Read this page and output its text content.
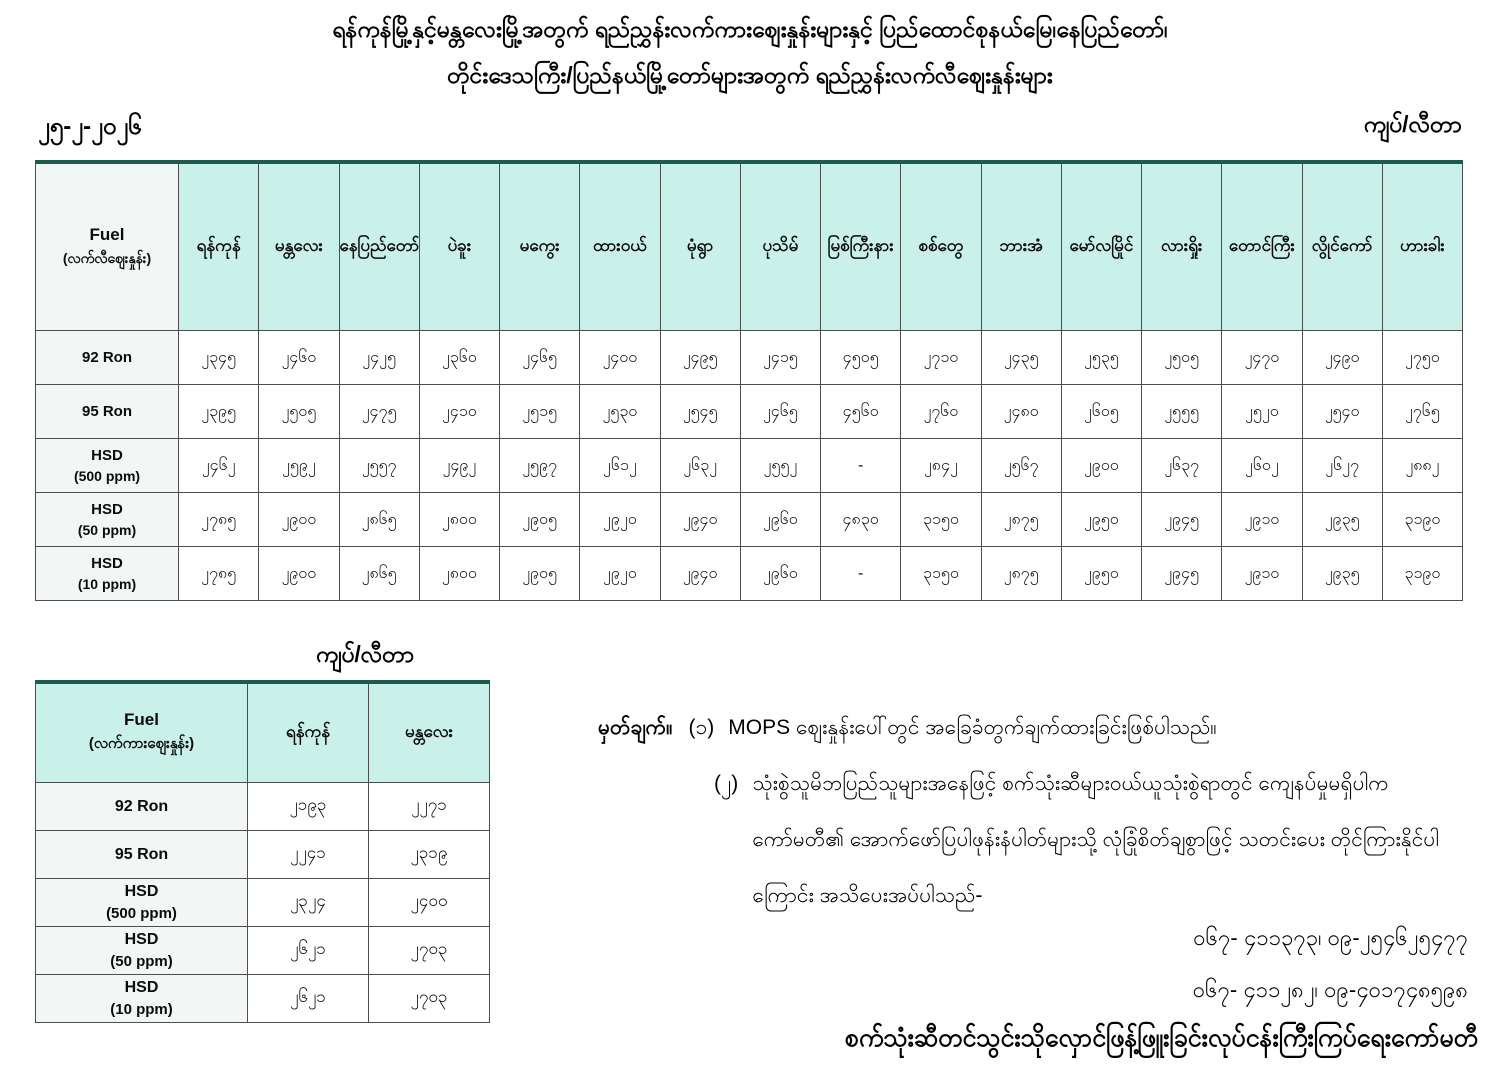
ရန်ကုန်မြို့နှင့်မန္တလေးမြို့အတွက် ရည်ညွှန်းလက်ကားဈေးနှုန်းများနှင့် ပြည်ထောင်စုနယ်မြေ၊နေပြည်တော်၊
တိုင်းဒေသကြီး/ပြည်နယ်မြို့တော်များအတွက် ရည်ညွှန်းလက်လီဈေးနှုန်းများ
၂၅-၂-၂၀၂၆	ကျပ်/လီတာ
Fuel
(လက်လီဈေးနှုန်း)	ရန်ကုန်	မန္တလေး	နေပြည်တော်	ပဲခူး	မကွေး	ထားဝယ်	မုံရွာ	ပုသိမ်	မြစ်ကြီးနား	စစ်တွေ	ဘားအံ	မော်လမြိုင်	လားရှိုး	တောင်ကြီး	လွိုင်ကော်	ဟားခါး
92 Ron	၂၃၄၅	၂၄၆၀	၂၄၂၅	၂၃၆၀	၂၄၆၅	၂၄၀၀	၂၄၉၅	၂၄၁၅	၄၅၀၅	၂၇၁၀	၂၄၃၅	၂၅၃၅	၂၅၀၅	၂၄၇၀	၂၄၉၀	၂၇၅၀
95 Ron	၂၃၉၅	၂၅၀၅	၂၄၇၅	၂၄၁၀	၂၅၁၅	၂၅၃၀	၂၅၄၅	၂၄၆၅	၄၅၆၀	၂၇၆၀	၂၄၈၀	၂၆၀၅	၂၅၅၅	၂၅၂၀	၂၅၄၀	၂၇၆၅
HSD
(500 ppm)	၂၄၆၂	၂၅၉၂	၂၅၅၇	၂၄၉၂	၂၅၉၇	၂၆၁၂	၂၆၃၂	၂၅၅၂	-	၂၈၄၂	၂၅၆၇	၂၉၀၀	၂၆၃၇	၂၆၀၂	၂၆၂၇	၂၈၈၂
HSD
(50 ppm)	၂၇၈၅	၂၉၀၀	၂၈၆၅	၂၈၀၀	၂၉၀၅	၂၉၂၀	၂၉၄၀	၂၉၆၀	၄၈၃၀	၃၁၅၀	၂၈၇၅	၂၉၅၀	၂၉၄၅	၂၉၁၀	၂၉၃၅	၃၁၉၀
HSD
(10 ppm)	၂၇၈၅	၂၉၀၀	၂၈၆၅	၂၈၀၀	၂၉၀၅	၂၉၂၀	၂၉၄၀	၂၉၆၀	-	၃၁၅၀	၂၈၇၅	၂၉၅၀	၂၉၄၅	၂၉၁၀	၂၉၃၅	၃၁၉၀
ကျပ်/လီတာ
Fuel
(လက်ကားဈေးနှုန်း)	ရန်ကုန်	မန္တလေး
92 Ron	၂၁၉၃	၂၂၇၁
95 Ron	၂၂၄၁	၂၃၁၉
HSD
(500 ppm)	၂၃၂၄	၂၄၀၀
HSD
(50 ppm)	၂၆၂၁	၂၇၀၃
HSD
(10 ppm)	၂၆၂၁	၂၇၀၃
မှတ်ချက်။ (၁) MOPS ဈေးနှုန်းပေါ်တွင် အခြေခံတွက်ချက်ထားခြင်းဖြစ်ပါသည်။
(၂) သုံးစွဲသူမိဘပြည်သူများအနေဖြင့် စက်သုံးဆီများဝယ်ယူသုံးစွဲရာတွင် ကျေနပ်မှုမရှိပါက ကော်မတီ၏ အောက်ဖော်ပြပါဖုန်းနံပါတ်များသို့ လုံခြုံစိတ်ချစွာဖြင့် သတင်းပေး တိုင်ကြားနိုင်ပါကြောင်း အသိပေးအပ်ပါသည်-
၀၆၇- ၄၁၁၃၇၃၊ ၀၉-၂၅၄၆၂၅၄၇၇
၀၆၇- ၄၁၁၂၈၂၊ ၀၉-၄၀၁၇၄၈၅၉၈
စက်သုံးဆီတင်သွင်းသိုလှောင်ဖြန့်ဖြူးခြင်းလုပ်ငန်းကြီးကြပ်ရေးကော်မတီ
